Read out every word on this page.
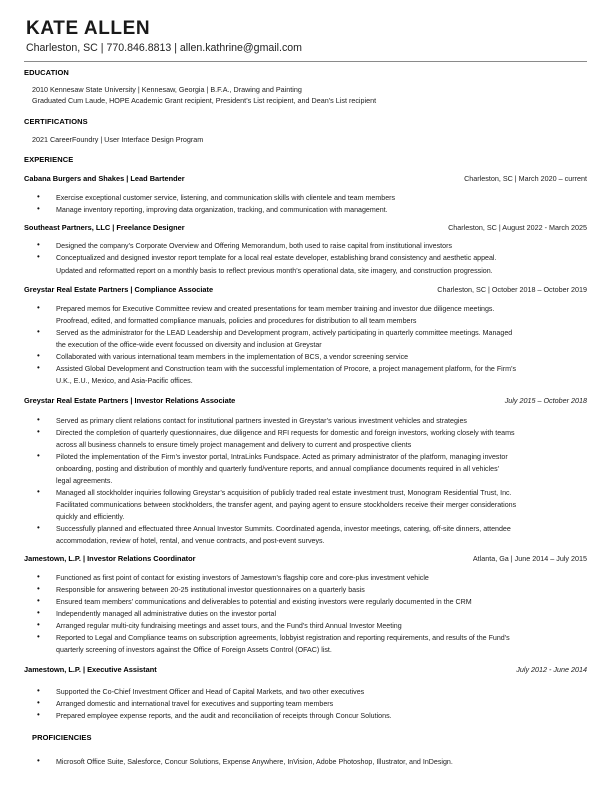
KATE ALLEN
Charleston, SC | 770.846.8813 | allen.kathrine@gmail.com
EDUCATION
2010 Kennesaw State University | Kennesaw, Georgia | B.F.A., Drawing and Painting
Graduated Cum Laude, HOPE Academic Grant recipient, President’s List recipient, and Dean’s List recipient
CERTIFICATIONS
2021 CareerFoundry | User Interface Design Program
EXPERIENCE
Cabana Burgers and Shakes | Lead Bartender	Charleston, SC | March 2020 – current
• Exercise exceptional customer service, listening, and communication skills with clientele and team members
• Manage inventory reporting, improving data organization, tracking, and communication with management.
Southeast Partners, LLC | Freelance Designer	Charleston, SC | August 2022 - March 2025
• Designed the company’s Corporate Overview and Offering Memorandum, both used to raise capital from institutional investors
• Conceptualized and designed investor report template for a local real estate developer, establishing brand consistency and aesthetic appeal.
Updated and reformatted report on a monthly basis to reflect previous month’s operational data, site imagery, and construction progression.
Greystar Real Estate Partners | Compliance Associate	Charleston, SC | October 2018 – October 2019
• Prepared memos for Executive Committee review and created presentations for team member training and investor due diligence meetings.
Proofread, edited, and formatted compliance manuals, policies and procedures for distribution to all team members
• Served as the administrator for the LEAD Leadership and Development program, actively participating in quarterly committee meetings. Managed
the execution of the office-wide event focussed on diversity and inclusion at Greystar
• Collaborated with various international team members in the implementation of BCS, a vendor screening service
• Assisted Global Development and Construction team with the successful implementation of Procore, a project management platform, for the Firm’s
U.K., E.U., Mexico, and Asia-Pacific offices.
Greystar Real Estate Partners | Investor Relations Associate	July 2015 – October 2018
• Served as primary client relations contact for institutional partners invested in Greystar’s various investment vehicles and strategies
• Directed the completion of quarterly questionnaires, due diligence and RFI requests for domestic and foreign investors, working closely with teams
across all business channels to ensure timely project management and delivery to current and prospective clients
• Piloted the implementation of the Firm’s investor portal, IntraLinks Fundspace. Acted as primary administrator of the platform, managing investor
onboarding, posting and distribution of monthly and quarterly fund/venture reports, and annual compliance documents required in all vehicles’
legal agreements.
• Managed all stockholder inquiries following Greystar’s acquisition of publicly traded real estate investment trust, Monogram Residential Trust, Inc.
Facilitated communications between stockholders, the transfer agent, and paying agent to ensure stockholders receive their merger considerations
quickly and efficiently.
• Successfully planned and effectuated three Annual Investor Summits. Coordinated agenda, investor meetings, catering, off-site dinners, attendee
accommodation, review of hotel, rental, and venue contracts, and post-event surveys.
Jamestown, L.P. | Investor Relations Coordinator	Atlanta, Ga | June 2014 – July 2015
• Functioned as first point of contact for existing investors of Jamestown’s flagship core and core-plus investment vehicle
• Responsible for answering between 20-25 institutional investor questionnaires on a quarterly basis
• Ensured team members’ communications and deliverables to potential and existing investors were regularly documented in the CRM
• Independently managed all administrative duties on the investor portal
• Arranged regular multi-city fundraising meetings and asset tours, and the Fund’s third Annual Investor Meeting
• Reported to Legal and Compliance teams on subscription agreements, lobbyist registration and reporting requirements, and results of the Fund’s
quarterly screening of investors against the Office of Foreign Assets Control (OFAC) list.
Jamestown, L.P. | Executive Assistant	July 2012 - June 2014
• Supported the Co-Chief Investment Officer and Head of Capital Markets, and two other executives
• Arranged domestic and international travel for executives and supporting team members
• Prepared employee expense reports, and the audit and reconciliation of receipts through Concur Solutions.
PROFICIENCIES
• Microsoft Office Suite, Salesforce, Concur Solutions, Expense Anywhere, InVision, Adobe Photoshop, Illustrator, and InDesign.
